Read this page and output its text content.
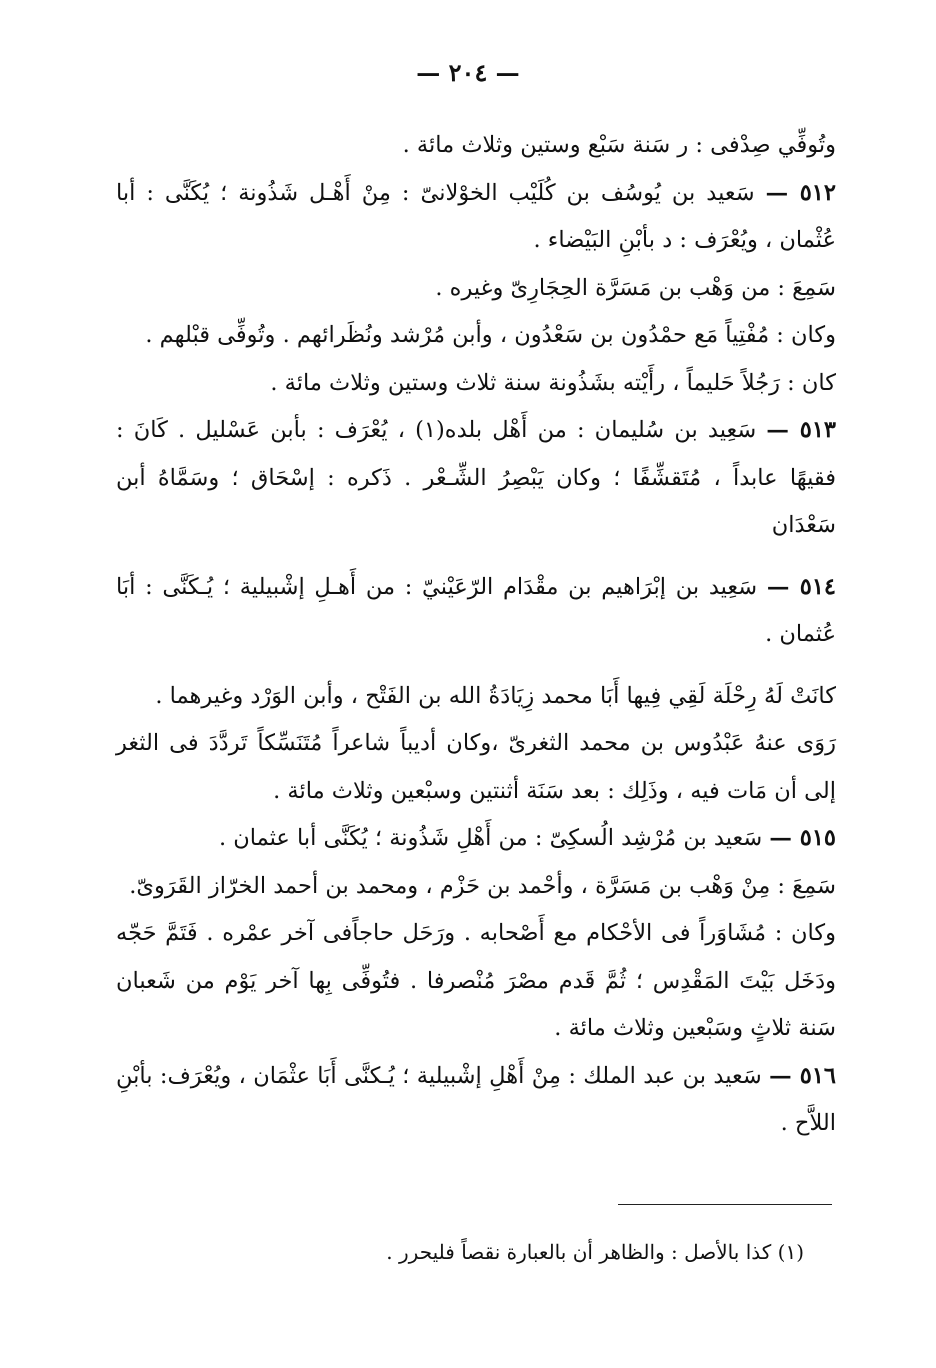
— ٢٠٤ —

وتُوفِّي صِدْفى : ر سَنة سَبْع وستين وثلاث مائة .

٥١٢ — سَعيد بن يُوسُف بن كُلَيْب الخوْلانىّ : مِنْ أَهْـل شَذُونة ؛ يُكَنَّى : أبا عُثْمان ، ويُعْرَف : د بأبْنِ البَيْضاء .

سَمِعَ : من وَهْب بن مَسَرَّة الحِجَارِىّ وغيره .

وكان : مُفْتِياً مَع حمْدُون بن سَعْدُون ، وأبن مُرْشد ونُظَرائهم . وتُوفِّى قبْلهم .

كان : رَجُلاً حَليماً ، رأَيْته بشَذُونة سنة ثلاث وستين وثلاث مائة .

٥١٣ — سَعِيد بن سُليمان : من أَهْل بلده(١) ، يُعْرَف : بأبن عَسْليل . كَانَ : فقيهًا عابداً ، مُتَقشِّفًا ؛ وكان يَبْصِرُ الشِّـعْر . ذَكره : إسْحَاق ؛ وسَمَّاهُ أبن سَعْدَان

٥١٤ — سَعِيد بن إبْرَاهيم بن مقْدَام الرّعَيْنيّ : من أَهـلِ إشْبيلية ؛ يُـكَنَّى : أبَا عُثمان .

كانَتْ لَهُ رِحْلَة لَقِي فِيها أَبَا محمد زِيَادَةُ الله بن الفَتْح ، وأبن الوَرْد وغيرهما .

رَوَى عنهُ عَبْدُوس بن محمد الثغرىّ ،وكان أديباً شاعراً مُتَنَسِّكاً تَردَّدَ فى الثغر إلى أن مَات فيه ، وذَلِك : بعد سَنَة أثنتين وسبْعين وثلاث مائة .

٥١٥ — سَعيد بن مُرْشِد الُسكِىّ : من أَهْلِ شَذُونة ؛ يُكَنَّى أبا عثمان .

سَمِعَ : مِنْ وَهْب بن مَسَرَّة ، وأحْمد بن حَزْم ، ومحمد بن أحمد الخرّاز القَرَوىّ.

وكان : مُشَاوَراً فى الأحْكام مع أَصْحابه . ورَحَل حاجاًفى آخر عمْره . فَتَمَّ حَجّه ودَخَل بَيْتَ المَقْدِس ؛ ثُمَّ قَدم مصْرَ مُنْصرفا . فتُوفِّى بِها آخر يَوْم من شَعبان سَنة ثلاثٍ وسَبْعين وثلاث مائة .

٥١٦ — سَعيد بن عبد الملك : مِنْ أَهْلِ إشْبيلية ؛ يُـكنَّى أَبَا عثْمَان ، ويُعْرَف: بأبْنِ اللاَّح .

(١) كذا بالأصل : والظاهر أن بالعبارة نقصاً فليحرر .
